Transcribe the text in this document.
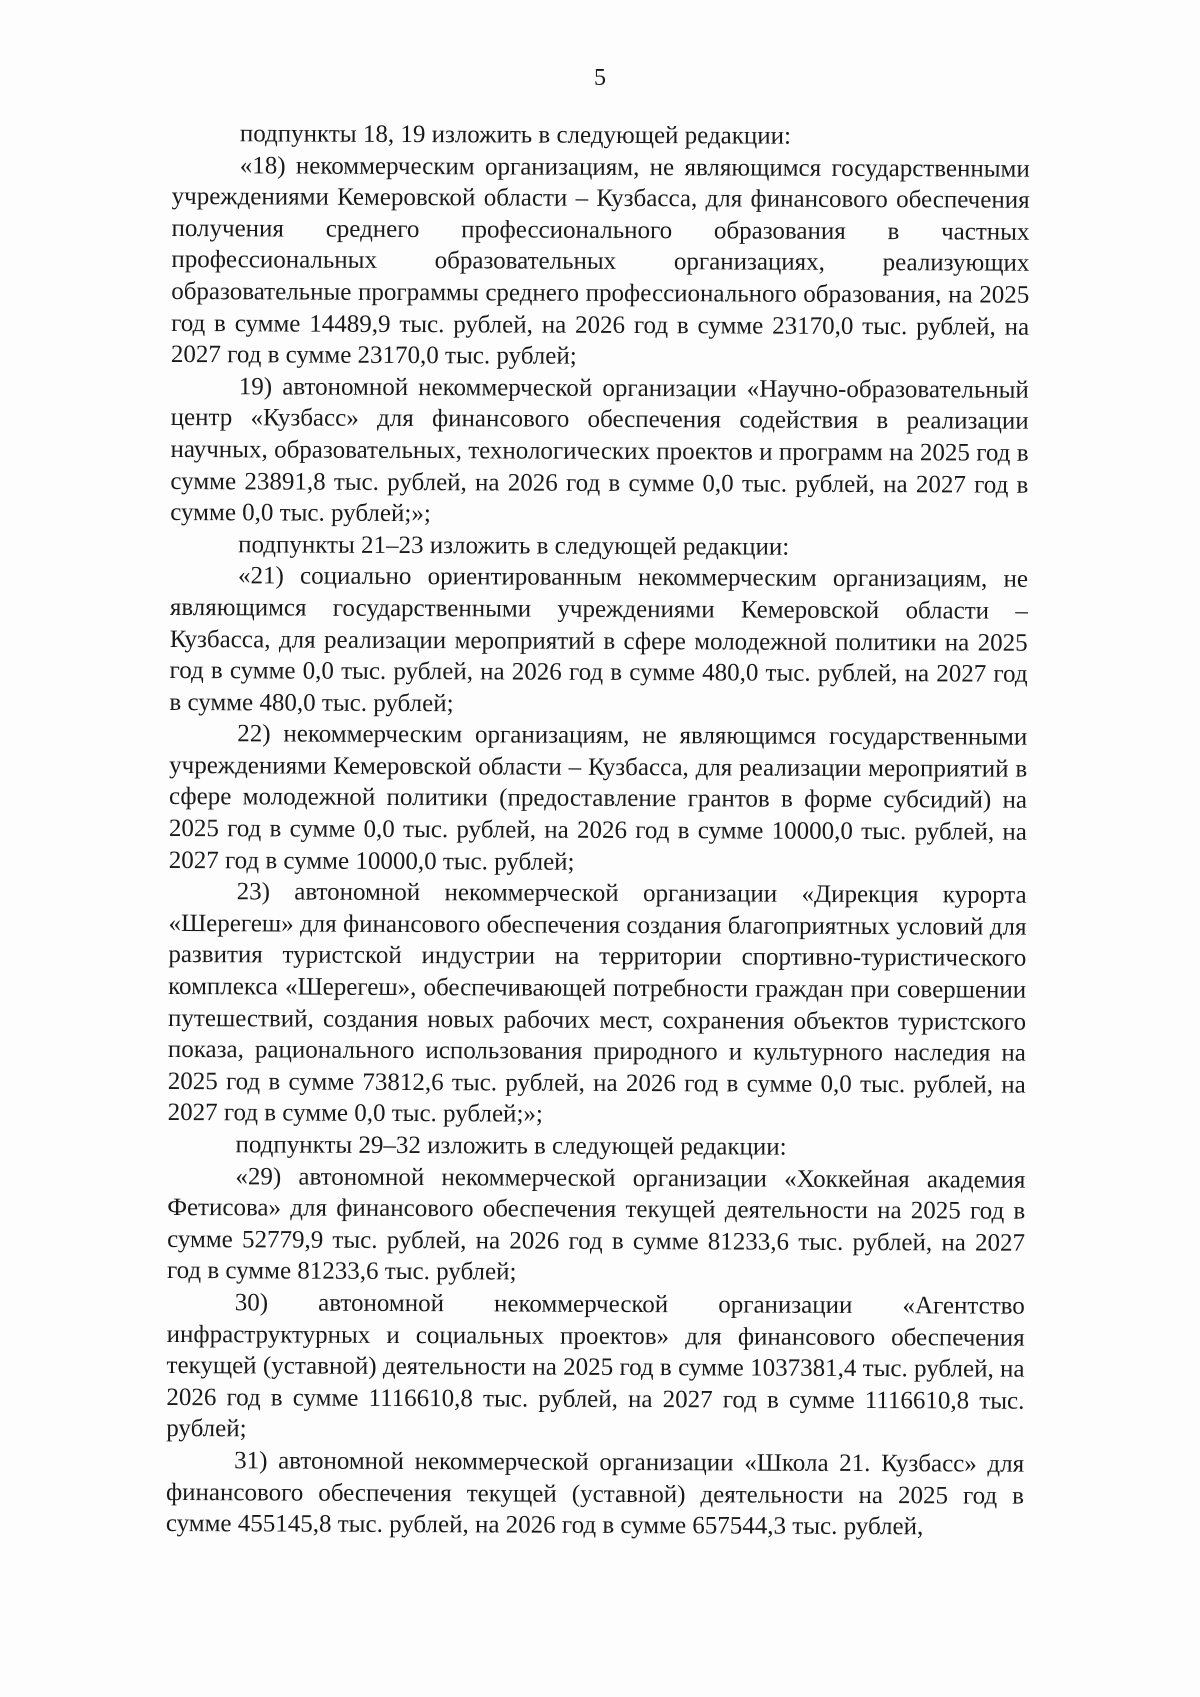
5

подпункты 18, 19 изложить в следующей редакции:

«18) некоммерческим организациям, не являющимся государственными учреждениями Кемеровской области – Кузбасса, для финансового обеспечения получения среднего профессионального образования в частных профессиональных образовательных организациях, реализующих образовательные программы среднего профессионального образования, на 2025 год в сумме 14489,9 тыс. рублей, на 2026 год в сумме 23170,0 тыс. рублей, на 2027 год в сумме 23170,0 тыс. рублей;

19) автономной некоммерческой организации «Научно-образовательный центр «Кузбасс» для финансового обеспечения содействия в реализации научных, образовательных, технологических проектов и программ на 2025 год в сумме 23891,8 тыс. рублей, на 2026 год в сумме 0,0 тыс. рублей, на 2027 год в сумме 0,0 тыс. рублей;»;

подпункты 21–23 изложить в следующей редакции:

«21) социально ориентированным некоммерческим организациям, не являющимся государственными учреждениями Кемеровской области – Кузбасса, для реализации мероприятий в сфере молодежной политики на 2025 год в сумме 0,0 тыс. рублей, на 2026 год в сумме 480,0 тыс. рублей, на 2027 год в сумме 480,0 тыс. рублей;

22) некоммерческим организациям, не являющимся государственными учреждениями Кемеровской области – Кузбасса, для реализации мероприятий в сфере молодежной политики (предоставление грантов в форме субсидий) на 2025 год в сумме 0,0 тыс. рублей, на 2026 год в сумме 10000,0 тыс. рублей, на 2027 год в сумме 10000,0 тыс. рублей;

23) автономной некоммерческой организации «Дирекция курорта «Шерегеш» для финансового обеспечения создания благоприятных условий для развития туристской индустрии на территории спортивно-туристического комплекса «Шерегеш», обеспечивающей потребности граждан при совершении путешествий, создания новых рабочих мест, сохранения объектов туристского показа, рационального использования природного и культурного наследия на 2025 год в сумме 73812,6 тыс. рублей, на 2026 год в сумме 0,0 тыс. рублей, на 2027 год в сумме 0,0 тыс. рублей;»;

подпункты 29–32 изложить в следующей редакции:

«29) автономной некоммерческой организации «Хоккейная академия Фетисова» для финансового обеспечения текущей деятельности на 2025 год в сумме 52779,9 тыс. рублей, на 2026 год в сумме 81233,6 тыс. рублей, на 2027 год в сумме 81233,6 тыс. рублей;

30) автономной некоммерческой организации «Агентство инфраструктурных и социальных проектов» для финансового обеспечения текущей (уставной) деятельности на 2025 год в сумме 1037381,4 тыс. рублей, на 2026 год в сумме 1116610,8 тыс. рублей, на 2027 год в сумме 1116610,8 тыс. рублей;

31) автономной некоммерческой организации «Школа 21. Кузбасс» для финансового обеспечения текущей (уставной) деятельности на 2025 год в сумме 455145,8 тыс. рублей, на 2026 год в сумме 657544,3 тыс. рублей,
